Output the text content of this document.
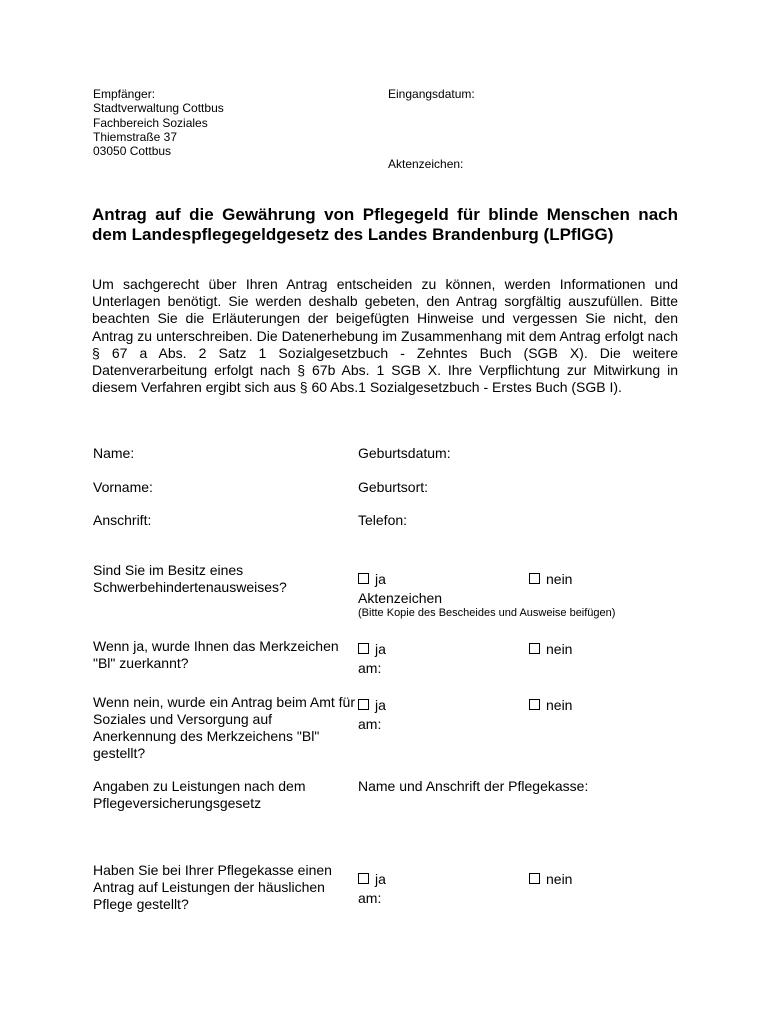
Empfänger:
Stadtverwaltung Cottbus
Fachbereich Soziales
Thiemstraße 37
03050 Cottbus
Eingangsdatum:
Aktenzeichen:
Antrag auf die Gewährung von Pflegegeld für blinde Menschen nach dem Landespflegegeldgesetz des Landes Brandenburg (LPflGG)
Um sachgerecht über Ihren Antrag entscheiden zu können, werden Informationen und Unterlagen benötigt. Sie werden deshalb gebeten, den Antrag sorgfältig auszufüllen. Bitte beachten Sie die Erläuterungen der beigefügten Hinweise und vergessen Sie nicht, den Antrag zu unterschreiben. Die Datenerhebung im Zusammenhang mit dem Antrag erfolgt nach § 67 a Abs. 2 Satz 1 Sozialgesetzbuch - Zehntes Buch (SGB X). Die weitere Datenverarbeitung erfolgt nach § 67b Abs. 1 SGB X. Ihre Verpflichtung zur Mitwirkung in diesem Verfahren ergibt sich aus § 60 Abs.1 Sozialgesetzbuch - Erstes Buch (SGB I).
Name:	Geburtsdatum:
Vorname:	Geburtsort:
Anschrift:	Telefon:
Sind Sie im Besitz eines Schwerbehindertenausweises?	ja	nein
Aktenzeichen
(Bitte Kopie des Bescheides und Ausweise beifügen)
Wenn ja, wurde Ihnen das Merkzeichen "Bl" zuerkannt?
ja	nein
am:
Wenn nein, wurde ein Antrag beim Amt für Soziales und Versorgung auf Anerkennung des Merkzeichens "Bl" gestellt?
ja	nein
am:
Angaben zu Leistungen nach dem Pflegeversicherungsgesetz
Name und Anschrift der Pflegekasse:
Haben Sie bei Ihrer Pflegekasse einen Antrag auf Leistungen der häuslichen Pflege gestellt?
ja	nein
am:
